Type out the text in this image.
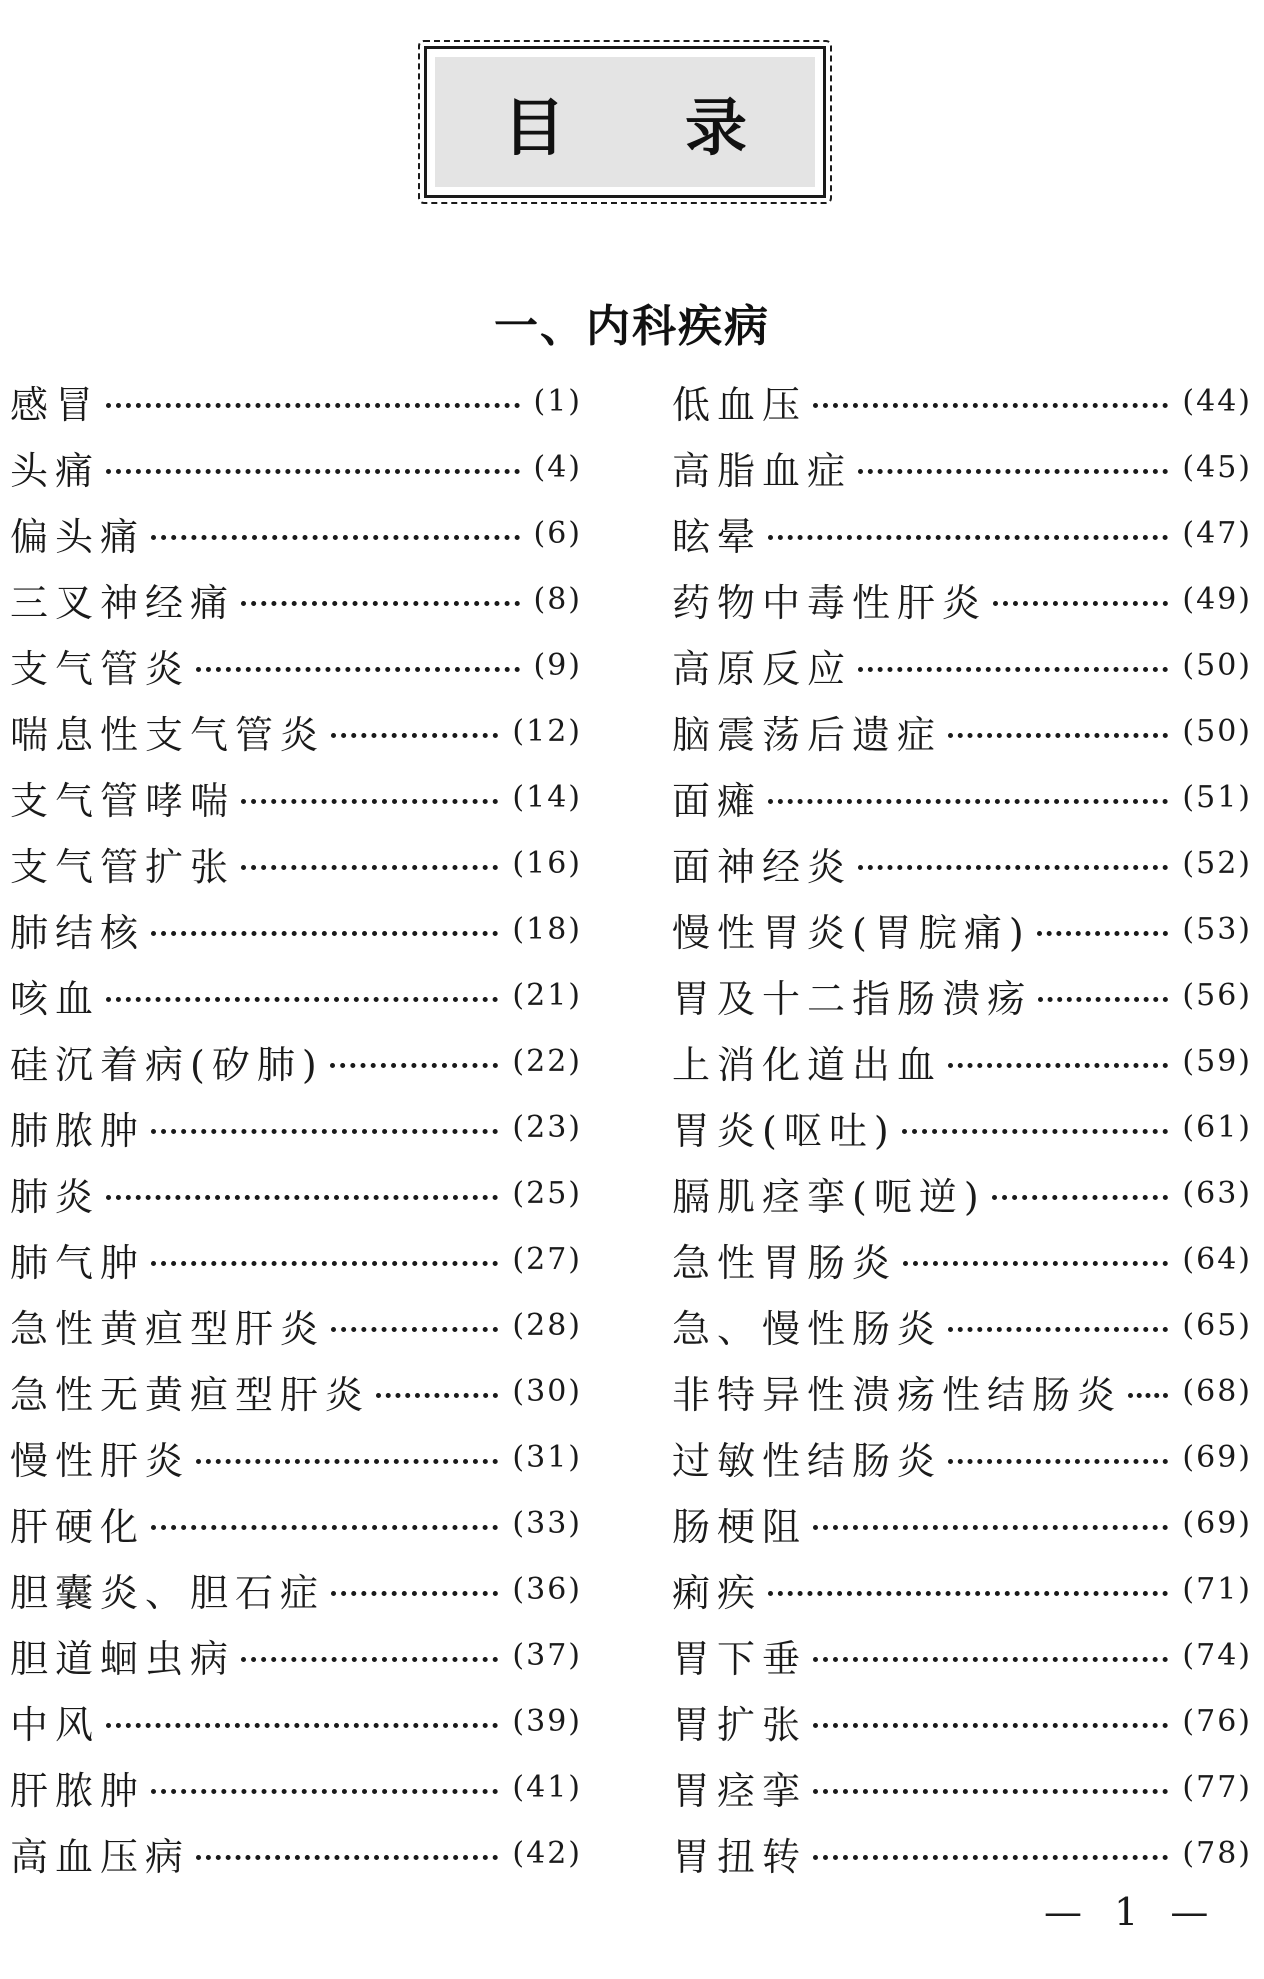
目录
一、内科疾病
感冒	(1)
头痛	(4)
偏头痛	(6)
三叉神经痛	(8)
支气管炎	(9)
喘息性支气管炎	(12)
支气管哮喘	(14)
支气管扩张	(16)
肺结核	(18)
咳血	(21)
硅沉着病(矽肺)	(22)
肺脓肿	(23)
肺炎	(25)
肺气肿	(27)
急性黄疸型肝炎	(28)
急性无黄疸型肝炎	(30)
慢性肝炎	(31)
肝硬化	(33)
胆囊炎、胆石症	(36)
胆道蛔虫病	(37)
中风	(39)
肝脓肿	(41)
高血压病	(42)
低血压	(44)
高脂血症	(45)
眩晕	(47)
药物中毒性肝炎	(49)
高原反应	(50)
脑震荡后遗症	(50)
面瘫	(51)
面神经炎	(52)
慢性胃炎(胃脘痛)	(53)
胃及十二指肠溃疡	(56)
上消化道出血	(59)
胃炎(呕吐)	(61)
膈肌痉挛(呃逆)	(63)
急性胃肠炎	(64)
急、慢性肠炎	(65)
非特异性溃疡性结肠炎 (68)
过敏性结肠炎	(69)
肠梗阻	(69)
痢疾	(71)
胃下垂	(74)
胃扩张	(76)
胃痉挛	(77)
胃扭转	(78)
— 1 —
